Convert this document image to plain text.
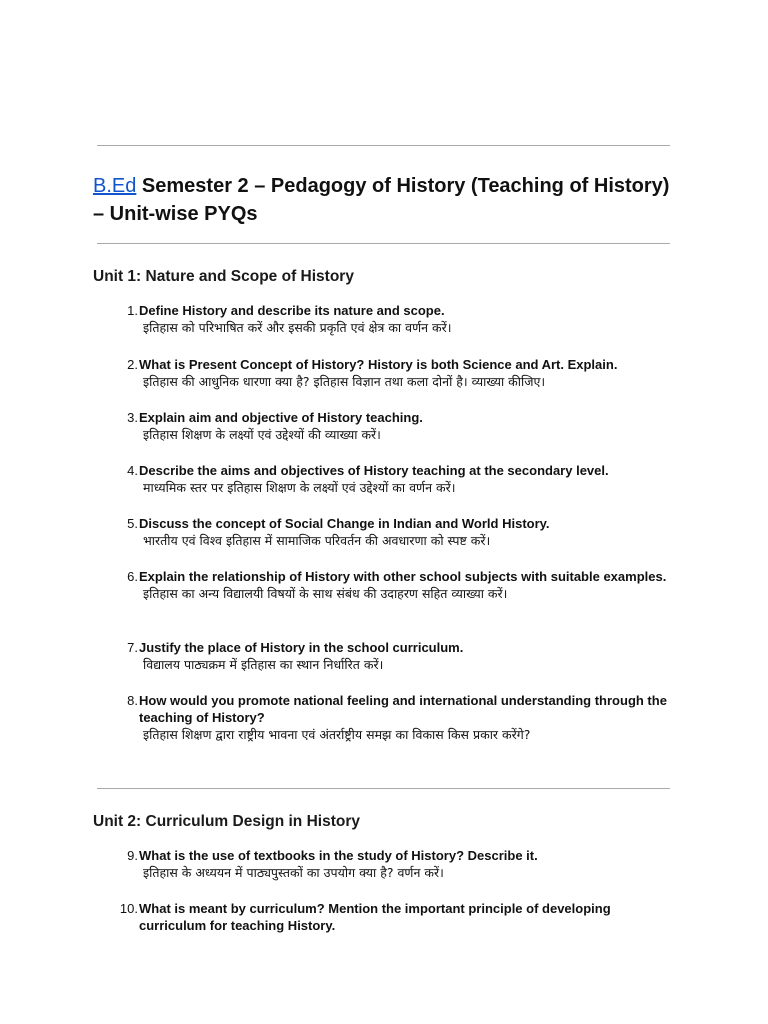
B.Ed Semester 2 – Pedagogy of History (Teaching of History) – Unit-wise PYQs
Unit 1: Nature and Scope of History
1. Define History and describe its nature and scope.
इतिहास को परिभाषित करें और इसकी प्रकृति एवं क्षेत्र का वर्णन करें।
2. What is Present Concept of History? History is both Science and Art. Explain.
इतिहास की आधुनिक धारणा क्या है? इतिहास विज्ञान तथा कला दोनों है। व्याख्या कीजिए।
3. Explain aim and objective of History teaching.
इतिहास शिक्षण के लक्ष्यों एवं उद्देश्यों की व्याख्या करें।
4. Describe the aims and objectives of History teaching at the secondary level.
माध्यमिक स्तर पर इतिहास शिक्षण के लक्ष्यों एवं उद्देश्यों का वर्णन करें।
5. Discuss the concept of Social Change in Indian and World History.
भारतीय एवं विश्व इतिहास में सामाजिक परिवर्तन की अवधारणा को स्पष्ट करें।
6. Explain the relationship of History with other school subjects with suitable examples.
इतिहास का अन्य विद्यालयी विषयों के साथ संबंध की उदाहरण सहित व्याख्या करें।
7. Justify the place of History in the school curriculum.
विद्यालय पाठ्यक्रम में इतिहास का स्थान निर्धारित करें।
8. How would you promote national feeling and international understanding through the teaching of History?
इतिहास शिक्षण द्वारा राष्ट्रीय भावना एवं अंतर्राष्ट्रीय समझ का विकास किस प्रकार करेंगे?
Unit 2: Curriculum Design in History
9. What is the use of textbooks in the study of History? Describe it.
इतिहास के अध्ययन में पाठ्यपुस्तकों का उपयोग क्या है? वर्णन करें।
10. What is meant by curriculum? Mention the important principle of developing curriculum for teaching History.
